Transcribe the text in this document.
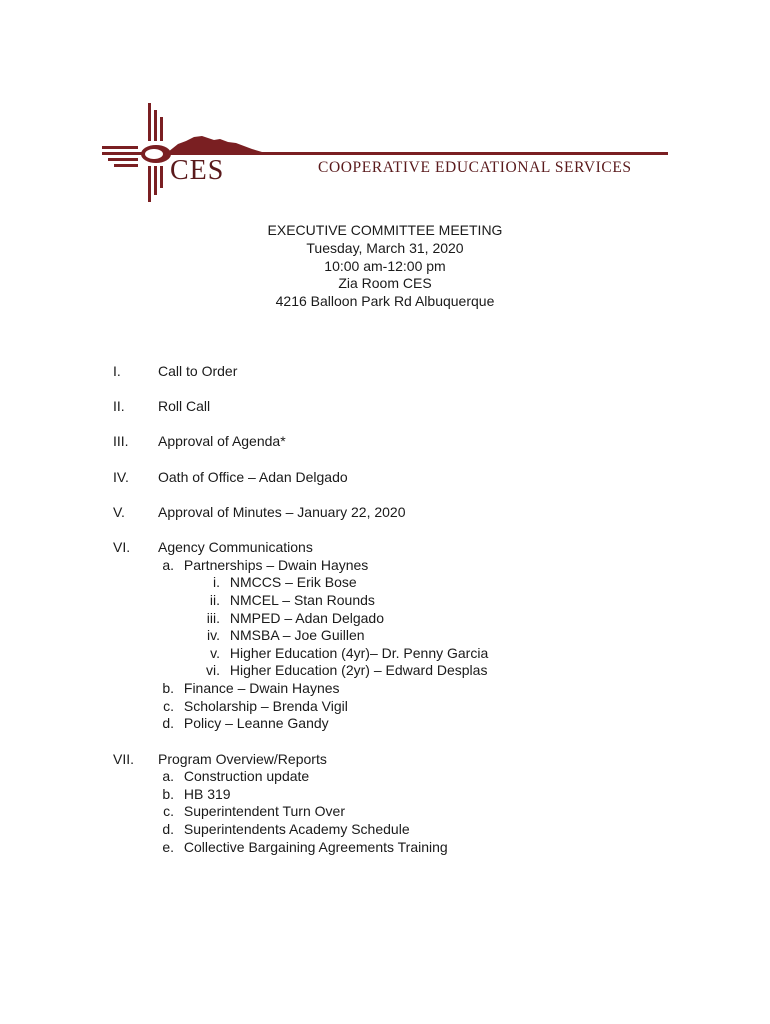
CES	COOPERATIVE EDUCATIONAL SERVICES
EXECUTIVE COMMITTEE MEETING
Tuesday, March 31, 2020
10:00 am-12:00 pm
Zia Room CES
4216 Balloon Park Rd Albuquerque
I.	Call to Order
II. Roll Call
III. Approval of Agenda*
IV. Oath of Office – Adan Delgado
V. Approval of Minutes – January 22, 2020
VI. Agency Communications
a. Partnerships – Dwain Haynes
i. NMCCS – Erik Bose
ii. NMCEL – Stan Rounds
iii. NMPED – Adan Delgado
iv. NMSBA – Joe Guillen
v. Higher Education (4yr)– Dr. Penny Garcia
vi. Higher Education (2yr) – Edward Desplas
b. Finance – Dwain Haynes
c. Scholarship – Brenda Vigil
d. Policy – Leanne Gandy
VII. Program Overview/Reports
a. Construction update
b. HB 319
c. Superintendent Turn Over
d. Superintendents Academy Schedule
e. Collective Bargaining Agreements Training
